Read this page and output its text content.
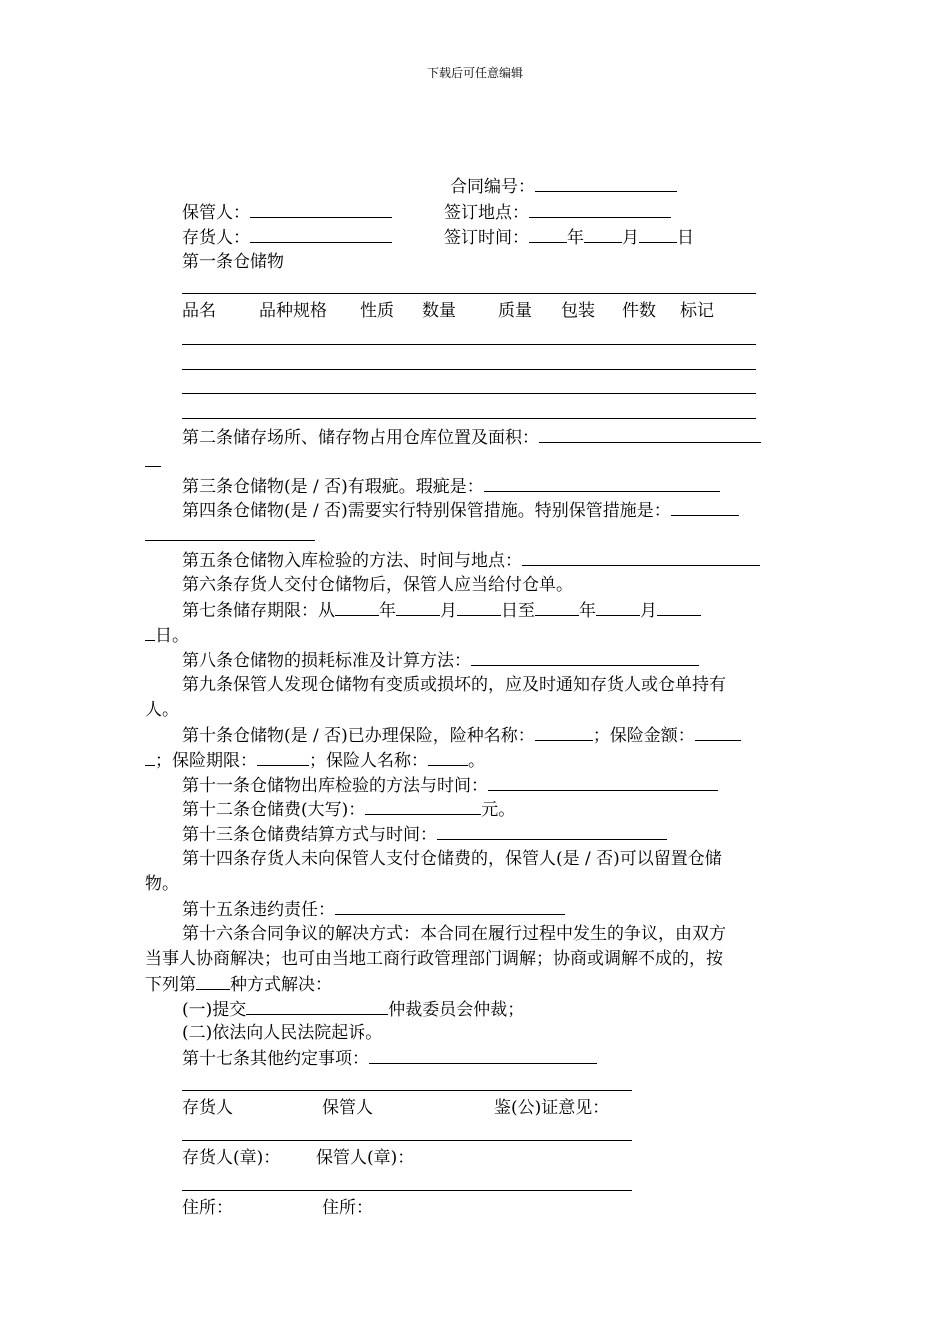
下载后可任意编辑
合同编号：
保管人：	签订地点：
存货人：	签订时间： 年 月 日
第一条仓储物
品名	品种规格 性质 数量 质量 包装 件数 标记
第二条储存场所、储存物占用仓库位置及面积：
第三条仓储物(是 / 否)有瑕疵。瑕疵是：
第四条仓储物(是 / 否)需要实行特别保管措施。特别保管措施是：
第五条仓储物入库检验的方法、时间与地点：
第六条存货人交付仓储物后，保管人应当给付仓单。
第七条储存期限：从	年	月	日至	年	月
日。
第八条仓储物的损耗标准及计算方法：
第九条保管人发现仓储物有变质或损坏的，应及时通知存货人或仓单持有
人。
第十条仓储物(是 / 否)已办理保险，险种名称：	；保险金额：
；保险期限：	；保险人名称： 。
第十一条仓储物出库检验的方法与时间：
第十二条仓储费(大写)：	元。
第十三条仓储费结算方式与时间：
第十四条存货人未向保管人支付仓储费的，保管人(是 / 否)可以留置仓储
物。
第十五条违约责任：
第十六条合同争议的解决方式：本合同在履行过程中发生的争议，由双方
当事人协商解决；也可由当地工商行政管理部门调解；协商或调解不成的，按
下列第 种方式解决：
(一)提交	仲裁委员会仲裁；
(二)依法向人民法院起诉。
第十七条其他约定事项：
存货人	保管人	鉴(公)证意见：
存货人(章)： 保管人(章)：
住所：	住所：
